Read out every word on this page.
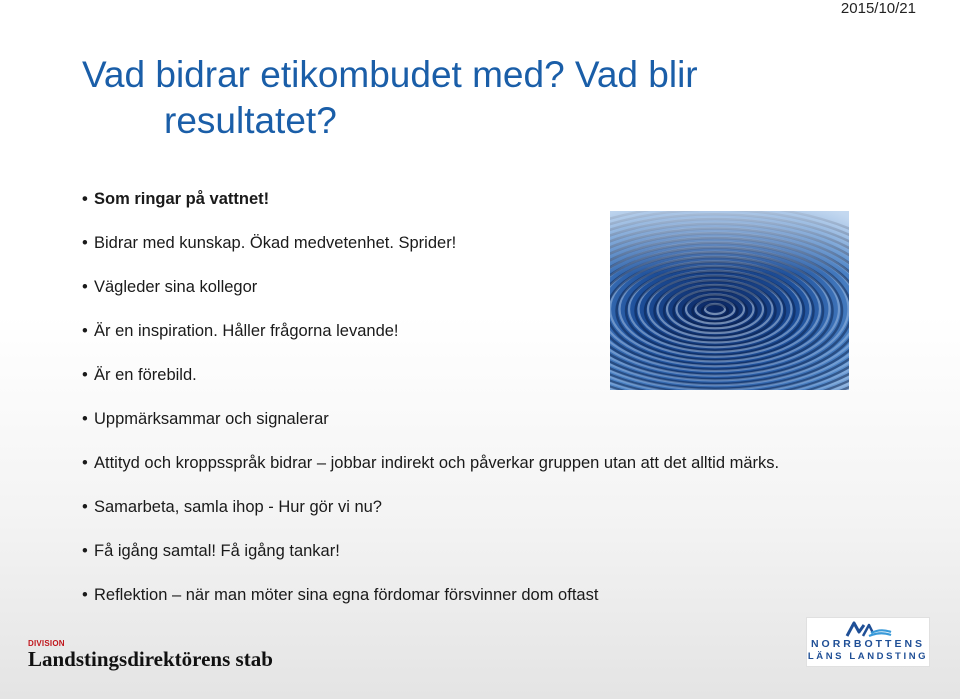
2015/10/21
Vad bidrar etikombudet med? Vad blir
resultatet?
• Som ringar på vattnet!
• Bidrar med kunskap. Ökad medvetenhet. Sprider!
• Vägleder sina kollegor
• Är en inspiration. Håller frågorna levande!
• Är en förebild.
• Uppmärksammar och signalerar
• Attityd och kroppsspråk bidrar – jobbar indirekt och påverkar gruppen utan att det alltid märks.
• Samarbeta, samla ihop - Hur gör vi nu?
• Få igång samtal! Få igång tankar!
• Reflektion – när man möter sina egna fördomar försvinner dom oftast
DIVISION
Landstingsdirektörens stab
NORRBOTTENS
LÄNS LANDSTING
